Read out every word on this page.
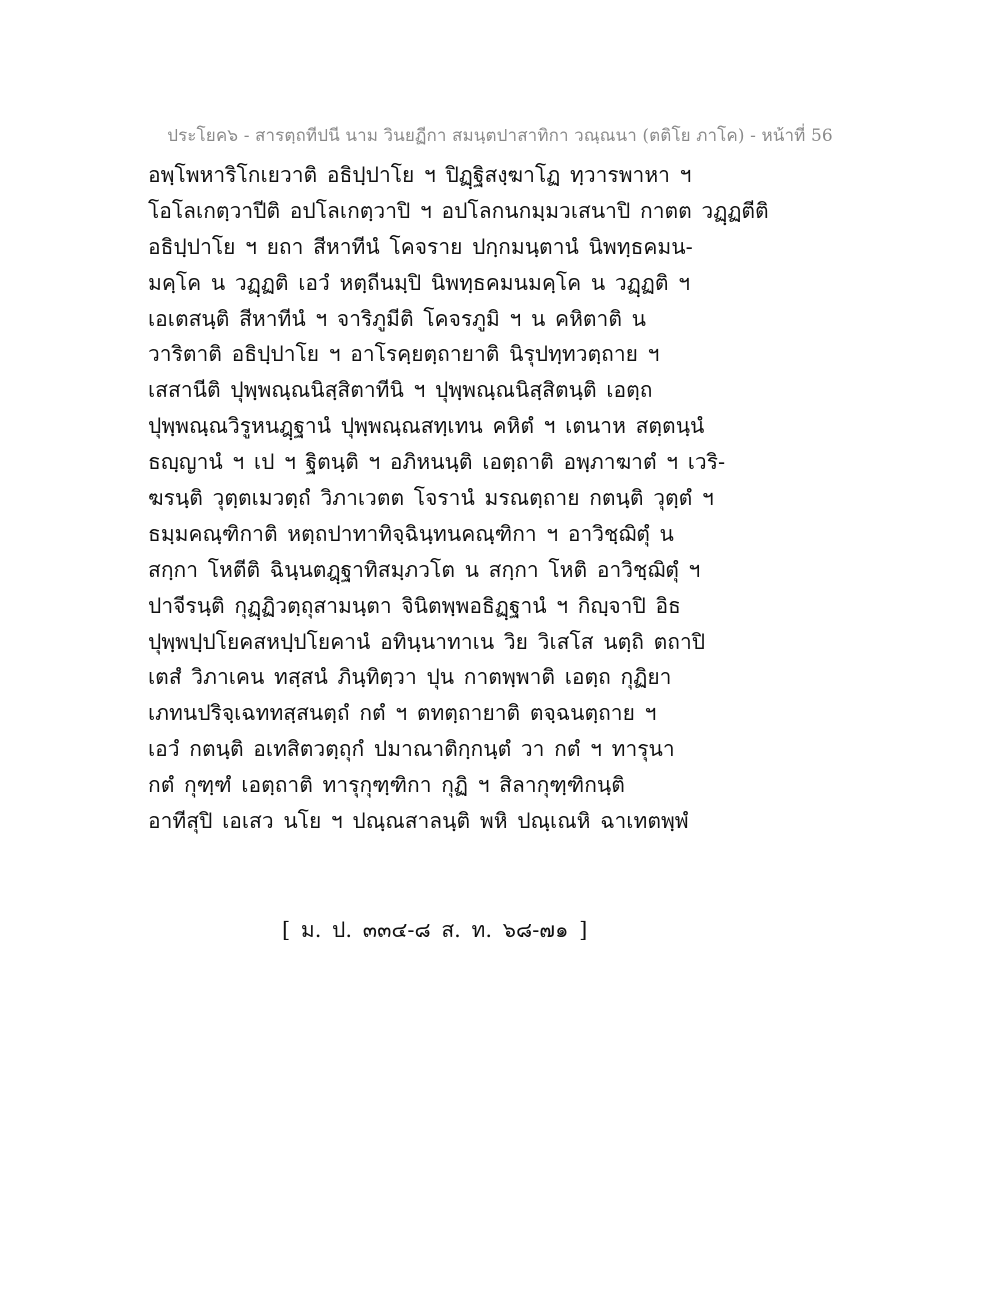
ประโยค๖ - สารตฺถทีปนี นาม วินยฏีกา สมนฺตปาสาทิกา วณฺณนา (ตติโย ภาโค) - หน้าที่ 56
อพฺโพหาริโกเยวาติ อธิปฺปาโย ฯ ปิฏฺฐิสงฺฆาโฏ ทฺวารพาหา ฯ
โอโลเกตฺวาปีติ อปโลเกตฺวาปิ ฯ อปโลกนกมฺมวเสนาปิ กาตต วฏฺฏตีติ
อธิปฺปาโย ฯ ยถา สีหาทีนํ โคจราย ปกฺกมนฺตานํ นิพทฺธคมน-
มคฺโค น วฏฺฏติ เอวํ หตฺถีนมฺปิ นิพทฺธคมนมคฺโค น วฏฺฏติ ฯ
เอเตสนฺติ สีหาทีนํ ฯ จาริภูมีติ โคจรภูมิ ฯ น คหิตาติ น
วาริตาติ อธิปฺปาโย ฯ อาโรคฺยตฺถายาติ นิรุปทฺทวตฺถาย ฯ
เสสานีติ ปุพฺพณฺณนิสฺสิตาทีนิ ฯ ปุพฺพณฺณนิสฺสิตนฺติ เอตฺถ
ปุพฺพณฺณวิรูหนฎฺฐานํ ปุพฺพณฺณสทฺเทน คหิตํ ฯ เตนาห สตฺตนฺนํ
ธญฺญานํ ฯ เป ฯ ฐิตนฺติ ฯ อภิหนนฺติ เอตฺถาติ อพฺภาฆาตํ ฯ เวริ-
ฆรนฺติ วุตฺตเมวตฺถํ วิภาเวตต โจรานํ มรณตฺถาย กตนฺติ วุตฺตํ ฯ
ธมฺมคณฺฑิกาติ หตฺถปาทาทิจฺฉินฺทนคณฺฑิกา ฯ อาวิชฺฌิตุํ น
สกฺกา โหตีติ ฉินฺนตฎฺฐาทิสมฺภวโต น สกฺกา โหติ อาวิชฺฌิตุํ ฯ
ปาจีรนฺติ กุฏฺฏิวตฺถุสามนฺตา จินิตพฺพอธิฏฺฐานํ ฯ กิญฺจาปิ อิธ
ปุพฺพปฺปโยคสหปฺปโยคานํ อทินฺนาทาเน วิย วิเสโส นตฺถิ ตถาปิ
เตสํ วิภาเคน ทสฺสนํ ภินฺทิตฺวา ปุน กาตพฺพาติ เอตฺถ กุฏิยา
เภทนปริจฺเฉททสฺสนตฺถํ กตํ ฯ ตทตฺถายาติ ตจฺฉนตฺถาย ฯ
เอวํ กตนฺติ อเทสิตวตฺถุกํ ปมาณาติกฺกนฺตํ วา กตํ ฯ ทารุนา
กตํ กุฑฺฑํ เอตฺถาติ ทารุกุฑฺฑิกา กุฏิ ฯ สิลากุฑฺฑิกนฺติ
อาทีสุปิ เอเสว นโย ฯ ปณฺณสาลนฺติ พหิ ปณฺเณหิ ฉาเทตพฺพํ
[ ม. ป. ๓๓๔-๘ ส. ท. ๖๘-๗๑ ]
